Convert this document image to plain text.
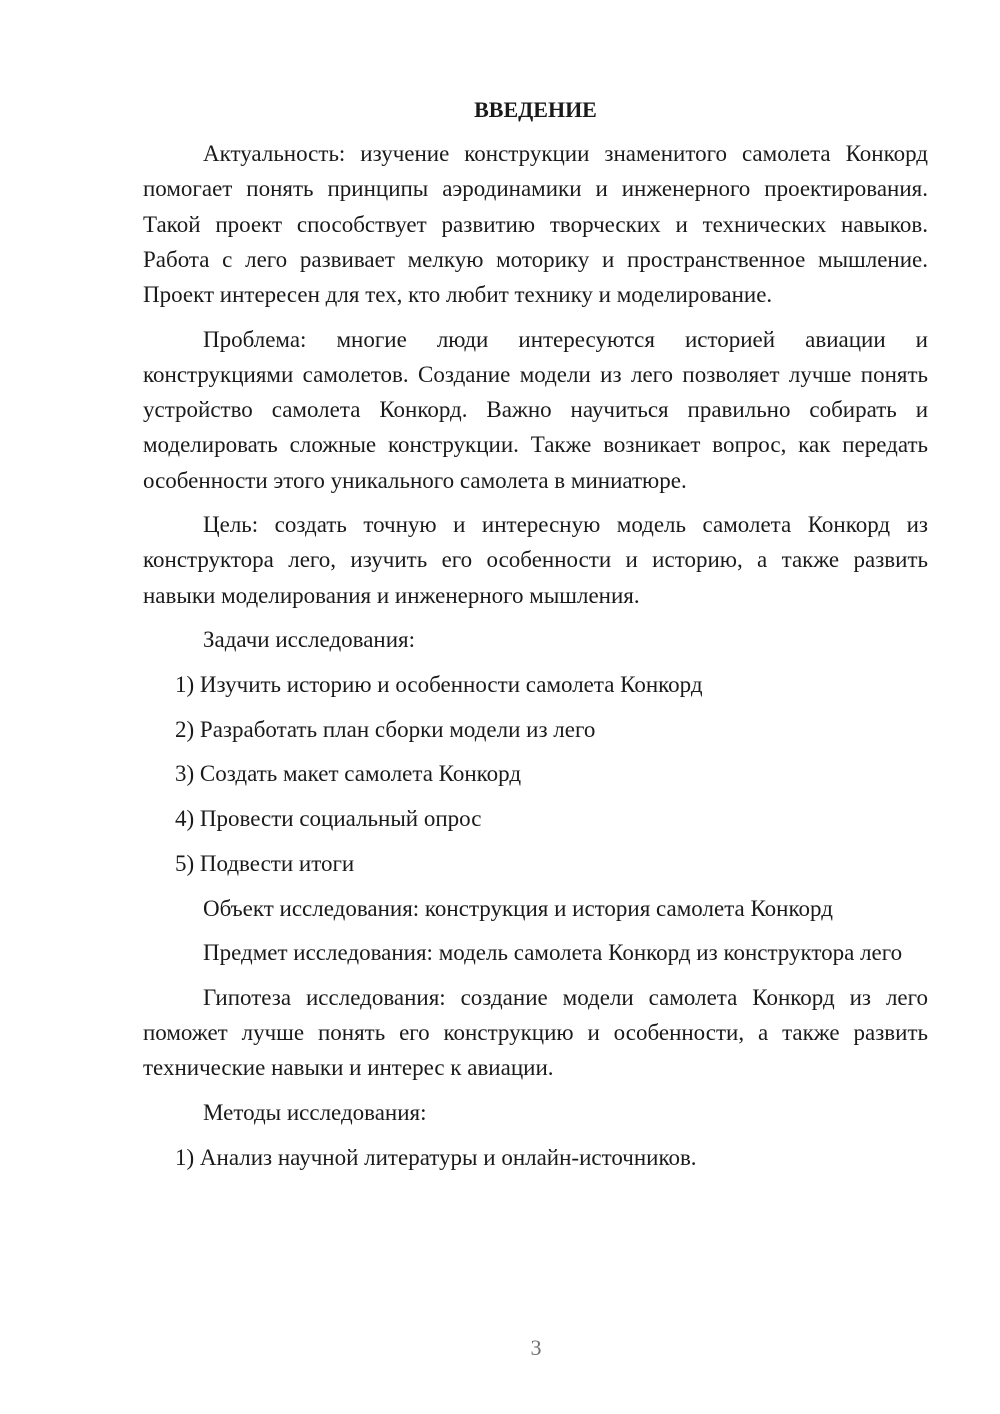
ВВЕДЕНИЕ

Актуальность: изучение конструкции знаменитого самолета Конкорд помогает понять принципы аэродинамики и инженерного проектирования. Такой проект способствует развитию творческих и технических навыков. Работа с лего развивает мелкую моторику и пространственное мышление. Проект интересен для тех, кто любит технику и моделирование.

Проблема: многие люди интересуются историей авиации и конструкциями самолетов. Создание модели из лего позволяет лучше понять устройство самолета Конкорд. Важно научиться правильно собирать и моделировать сложные конструкции. Также возникает вопрос, как передать особенности этого уникального самолета в миниатюре.

Цель: создать точную и интересную модель самолета Конкорд из конструктора лего, изучить его особенности и историю, а также развить навыки моделирования и инженерного мышления.

Задачи исследования:

1) Изучить историю и особенности самолета Конкорд
2) Разработать план сборки модели из лего
3) Создать макет самолета Конкорд
4) Провести социальный опрос
5) Подвести итоги

Объект исследования: конструкция и история самолета Конкорд

Предмет исследования: модель самолета Конкорд из конструктора лего

Гипотеза исследования: создание модели самолета Конкорд из лего поможет лучше понять его конструкцию и особенности, а также развить технические навыки и интерес к авиации.

Методы исследования:

1) Анализ научной литературы и онлайн-источников.
3
